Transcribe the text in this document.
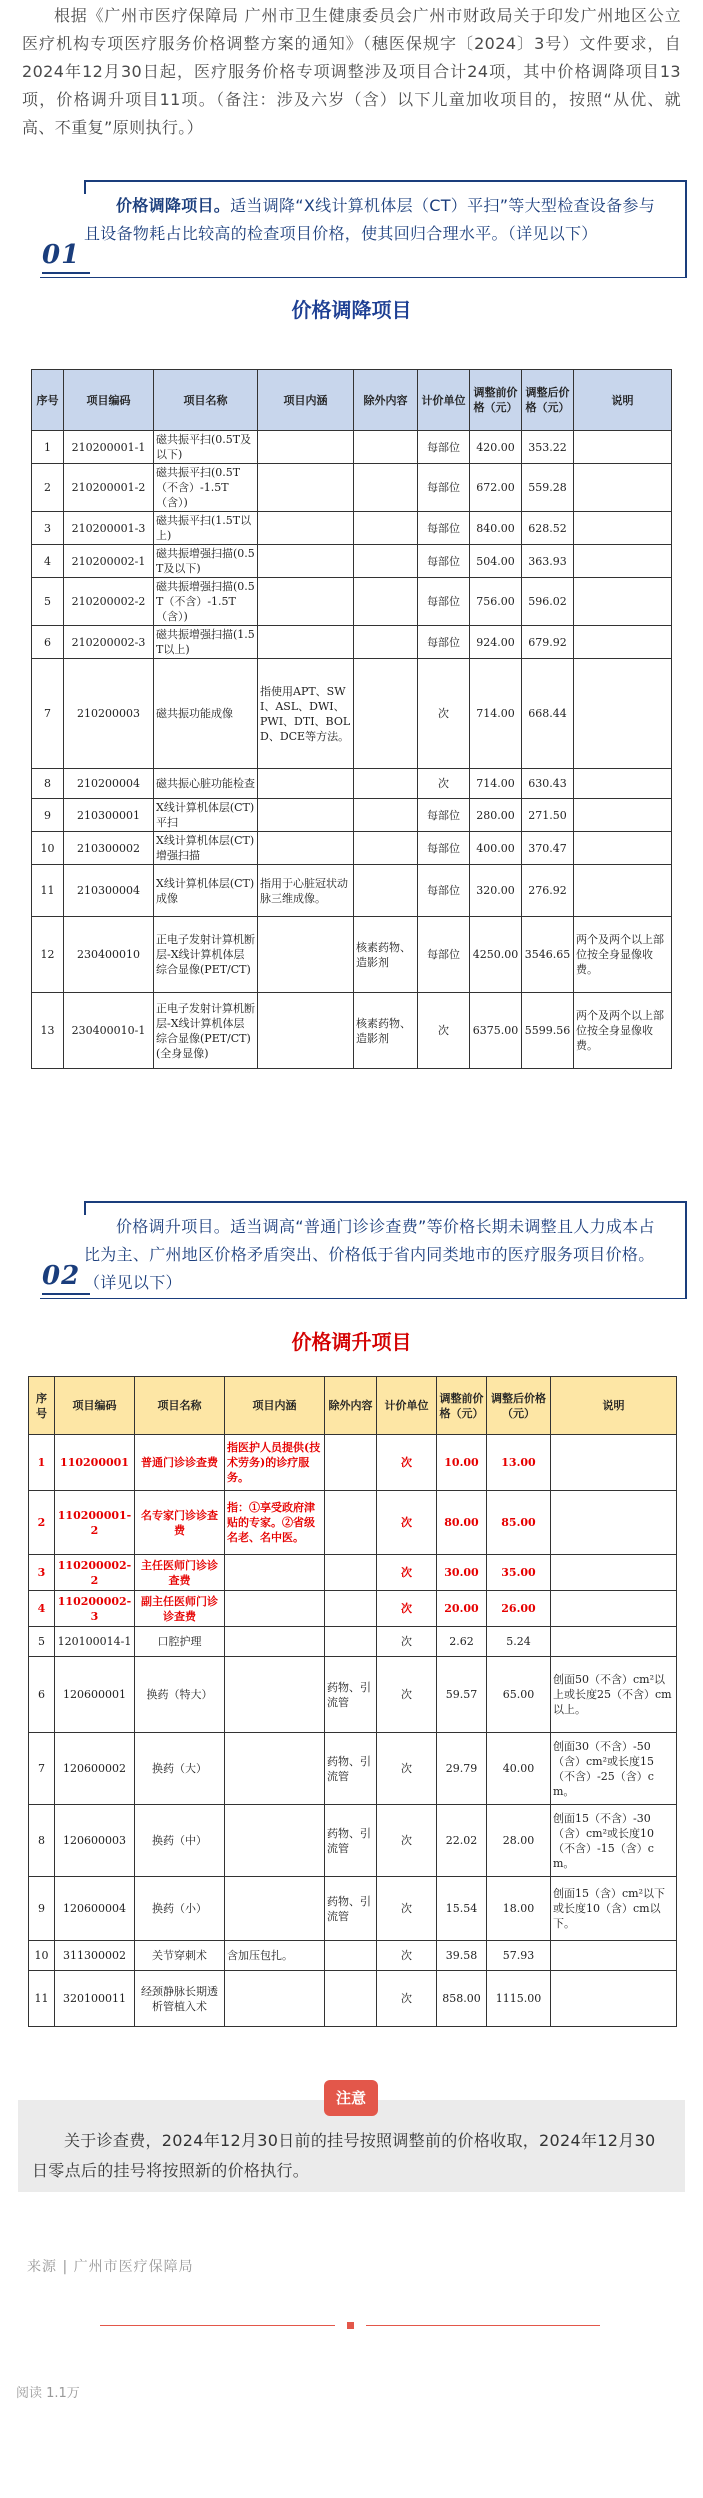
根据《广州市医疗保障局 广州市卫生健康委员会广州市财政局关于印发广州地区公立医疗机构专项医疗服务价格调整方案的通知》（穗医保规字〔2024〕3号）文件要求，自2024年12月30日起，医疗服务价格专项调整涉及项目合计24项，其中价格调降项目13项，价格调升项目11项。（备注：涉及六岁（含）以下儿童加收项目的，按照“从优、就高、不重复”原则执行。）

价格调降项目。适当调降“X线计算机体层（CT）平扫”等大型检查设备参与且设备物耗占比较高的检查项目价格，使其回归合理水平。（详见以下）
01
价格调降项目
序号	项目编码	项目名称	项目内涵	除外内容	计价单位	调整前价格（元）	调整后价格（元）	说明
1	210200001-1	磁共振平扫(0.5T及以下)			每部位	420.00	353.22	
2	210200001-2	磁共振平扫(0.5T（不含）-1.5T（含）)			每部位	672.00	559.28	
3	210200001-3	磁共振平扫(1.5T以上)			每部位	840.00	628.52	
4	210200002-1	磁共振增强扫描(0.5T及以下)			每部位	504.00	363.93	
5	210200002-2	磁共振增强扫描(0.5T（不含）-1.5T（含）)			每部位	756.00	596.02	
6	210200002-3	磁共振增强扫描(1.5T以上)			每部位	924.00	679.92	
7	210200003	磁共振功能成像	指使用APT、SWI、ASL、DWI、PWI、DTI、BOLD、DCE等方法。		次	714.00	668.44	
8	210200004	磁共振心脏功能检查			次	714.00	630.43	
9	210300001	X线计算机体层(CT)平扫			每部位	280.00	271.50	
10	210300002	X线计算机体层(CT)增强扫描			每部位	400.00	370.47	
11	210300004	X线计算机体层(CT)成像	指用于心脏冠状动脉三维成像。		每部位	320.00	276.92	
12	230400010	正电子发射计算机断层-X线计算机体层综合显像(PET/CT)		核素药物、造影剂	每部位	4250.00	3546.65	两个及两个以上部位按全身显像收费。
13	230400010-1	正电子发射计算机断层-X线计算机体层综合显像(PET/CT)(全身显像)		核素药物、造影剂	次	6375.00	5599.56	两个及两个以上部位按全身显像收费。
价格调升项目。适当调高“普通门诊诊查费”等价格长期未调整且人力成本占比为主、广州地区价格矛盾突出、价格低于省内同类地市的医疗服务项目价格。（详见以下）
02
价格调升项目
序号	项目编码	项目名称	项目内涵	除外内容	计价单位	调整前价格（元）	调整后价格（元）	说明
1	110200001	普通门诊诊查费	指医护人员提供(技术劳务)的诊疗服务。		次	10.00	13.00	
2	110200001-2	名专家门诊诊查费	指：①享受政府津贴的专家。②省级名老、名中医。		次	80.00	85.00	
3	110200002-2	主任医师门诊诊查费			次	30.00	35.00	
4	110200002-3	副主任医师门诊诊查费			次	20.00	26.00	
5	120100014-1	口腔护理			次	2.62	5.24	
6	120600001	换药（特大）		药物、引流管	次	59.57	65.00	创面50（不含）cm²以上或长度25（不含）cm以上。
7	120600002	换药（大）		药物、引流管	次	29.79	40.00	创面30（不含）-50（含）cm²或长度15（不含）-25（含）cm。
8	120600003	换药（中）		药物、引流管	次	22.02	28.00	创面15（不含）-30（含）cm²或长度10（不含）-15（含）cm。
9	120600004	换药（小）		药物、引流管	次	15.54	18.00	创面15（含）cm²以下或长度10（含）cm以下。
10	311300002	关节穿刺术	含加压包扎。		次	39.58	57.93	
11	320100011	经颈静脉长期透析管植入术			次	858.00	1115.00	
注意
关于诊查费，2024年12月30日前的挂号按照调整前的价格收取，2024年12月30日零点后的挂号将按照新的价格执行。
来源 | 广州市医疗保障局
阅读 1.1万
